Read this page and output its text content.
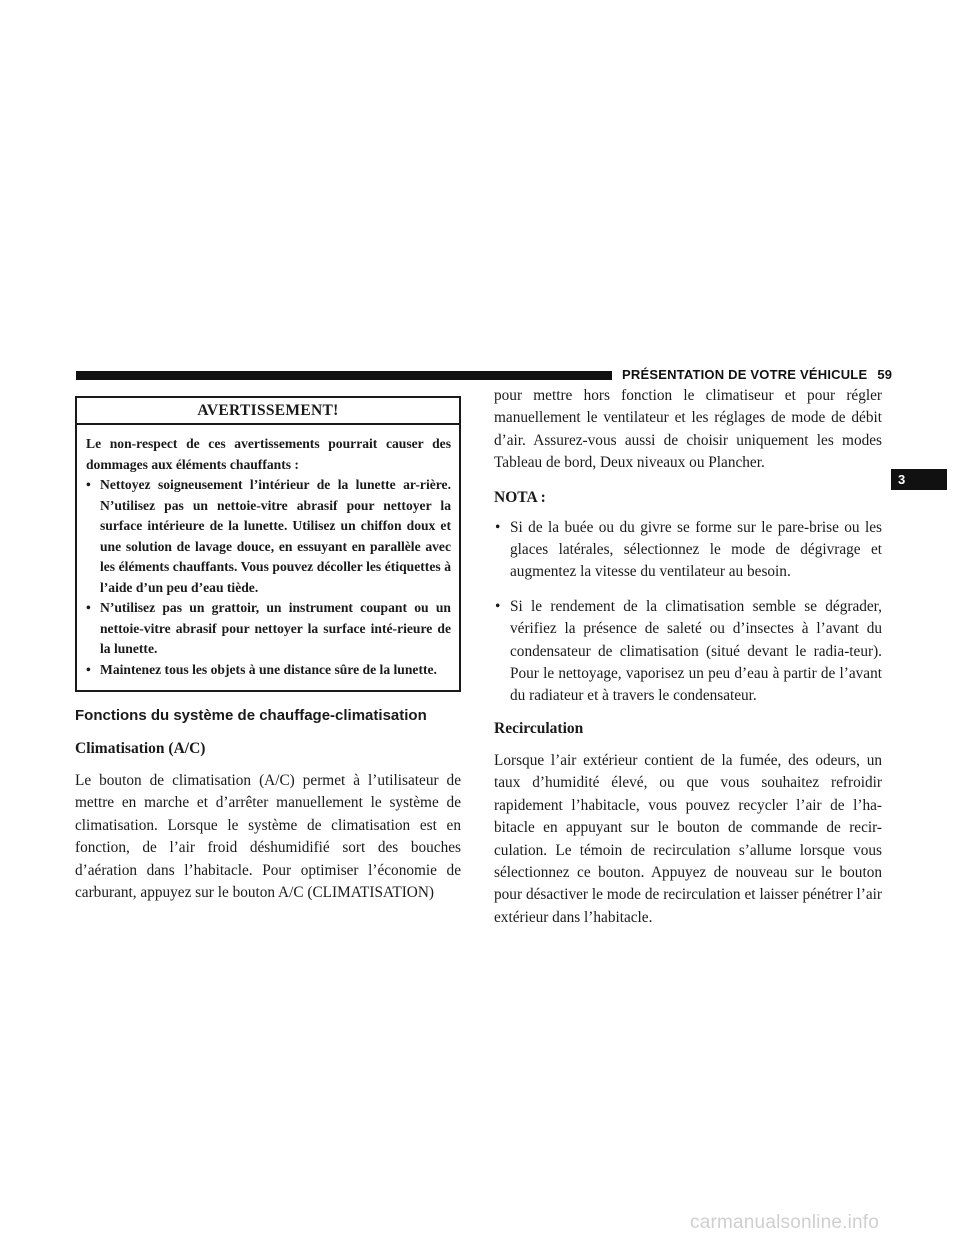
PRÉSENTATION DE VOTRE VÉHICULE 59
3
AVERTISSEMENT!

Le non-respect de ces avertissements pourrait causer des dommages aux éléments chauffants :

• Nettoyez soigneusement l’intérieur de la lunette ar-rière. N’utilisez pas un nettoie-vitre abrasif pour nettoyer la surface intérieure de la lunette. Utilisez un chiffon doux et une solution de lavage douce, en essuyant en parallèle avec les éléments chauffants. Vous pouvez décoller les étiquettes à l’aide d’un peu d’eau tiède.
• N’utilisez pas un grattoir, un instrument coupant ou un nettoie-vitre abrasif pour nettoyer la surface inté-rieure de la lunette.
• Maintenez tous les objets à une distance sûre de la lunette.
Fonctions du système de chauffage-climatisation
Climatisation (A/C)

Le bouton de climatisation (A/C) permet à l’utilisateur de mettre en marche et d’arrêter manuellement le système de climatisation. Lorsque le système de climatisation est en fonction, de l’air froid déshumidifié sort des bouches d’aération dans l’habitacle. Pour optimiser l’économie de carburant, appuyez sur le bouton A/C (CLIMATISATION)

pour mettre hors fonction le climatiseur et pour régler manuellement le ventilateur et les réglages de mode de débit d’air. Assurez-vous aussi de choisir uniquement les modes Tableau de bord, Deux niveaux ou Plancher.

NOTA :
• Si de la buée ou du givre se forme sur le pare-brise ou les glaces latérales, sélectionnez le mode de dégivrage et augmentez la vitesse du ventilateur au besoin.
• Si le rendement de la climatisation semble se dégrader, vérifiez la présence de saleté ou d’insectes à l’avant du condensateur de climatisation (situé devant le radia-teur). Pour le nettoyage, vaporisez un peu d’eau à partir de l’avant du radiateur et à travers le condensateur.
Recirculation

Lorsque l’air extérieur contient de la fumée, des odeurs, un taux d’humidité élevé, ou que vous souhaitez refroidir rapidement l’habitacle, vous pouvez recycler l’air de l’ha-bitacle en appuyant sur le bouton de commande de recir-culation. Le témoin de recirculation s’allume lorsque vous sélectionnez ce bouton. Appuyez de nouveau sur le bouton pour désactiver le mode de recirculation et laisser pénétrer l’air extérieur dans l’habitacle.

carmanualsonline.info
